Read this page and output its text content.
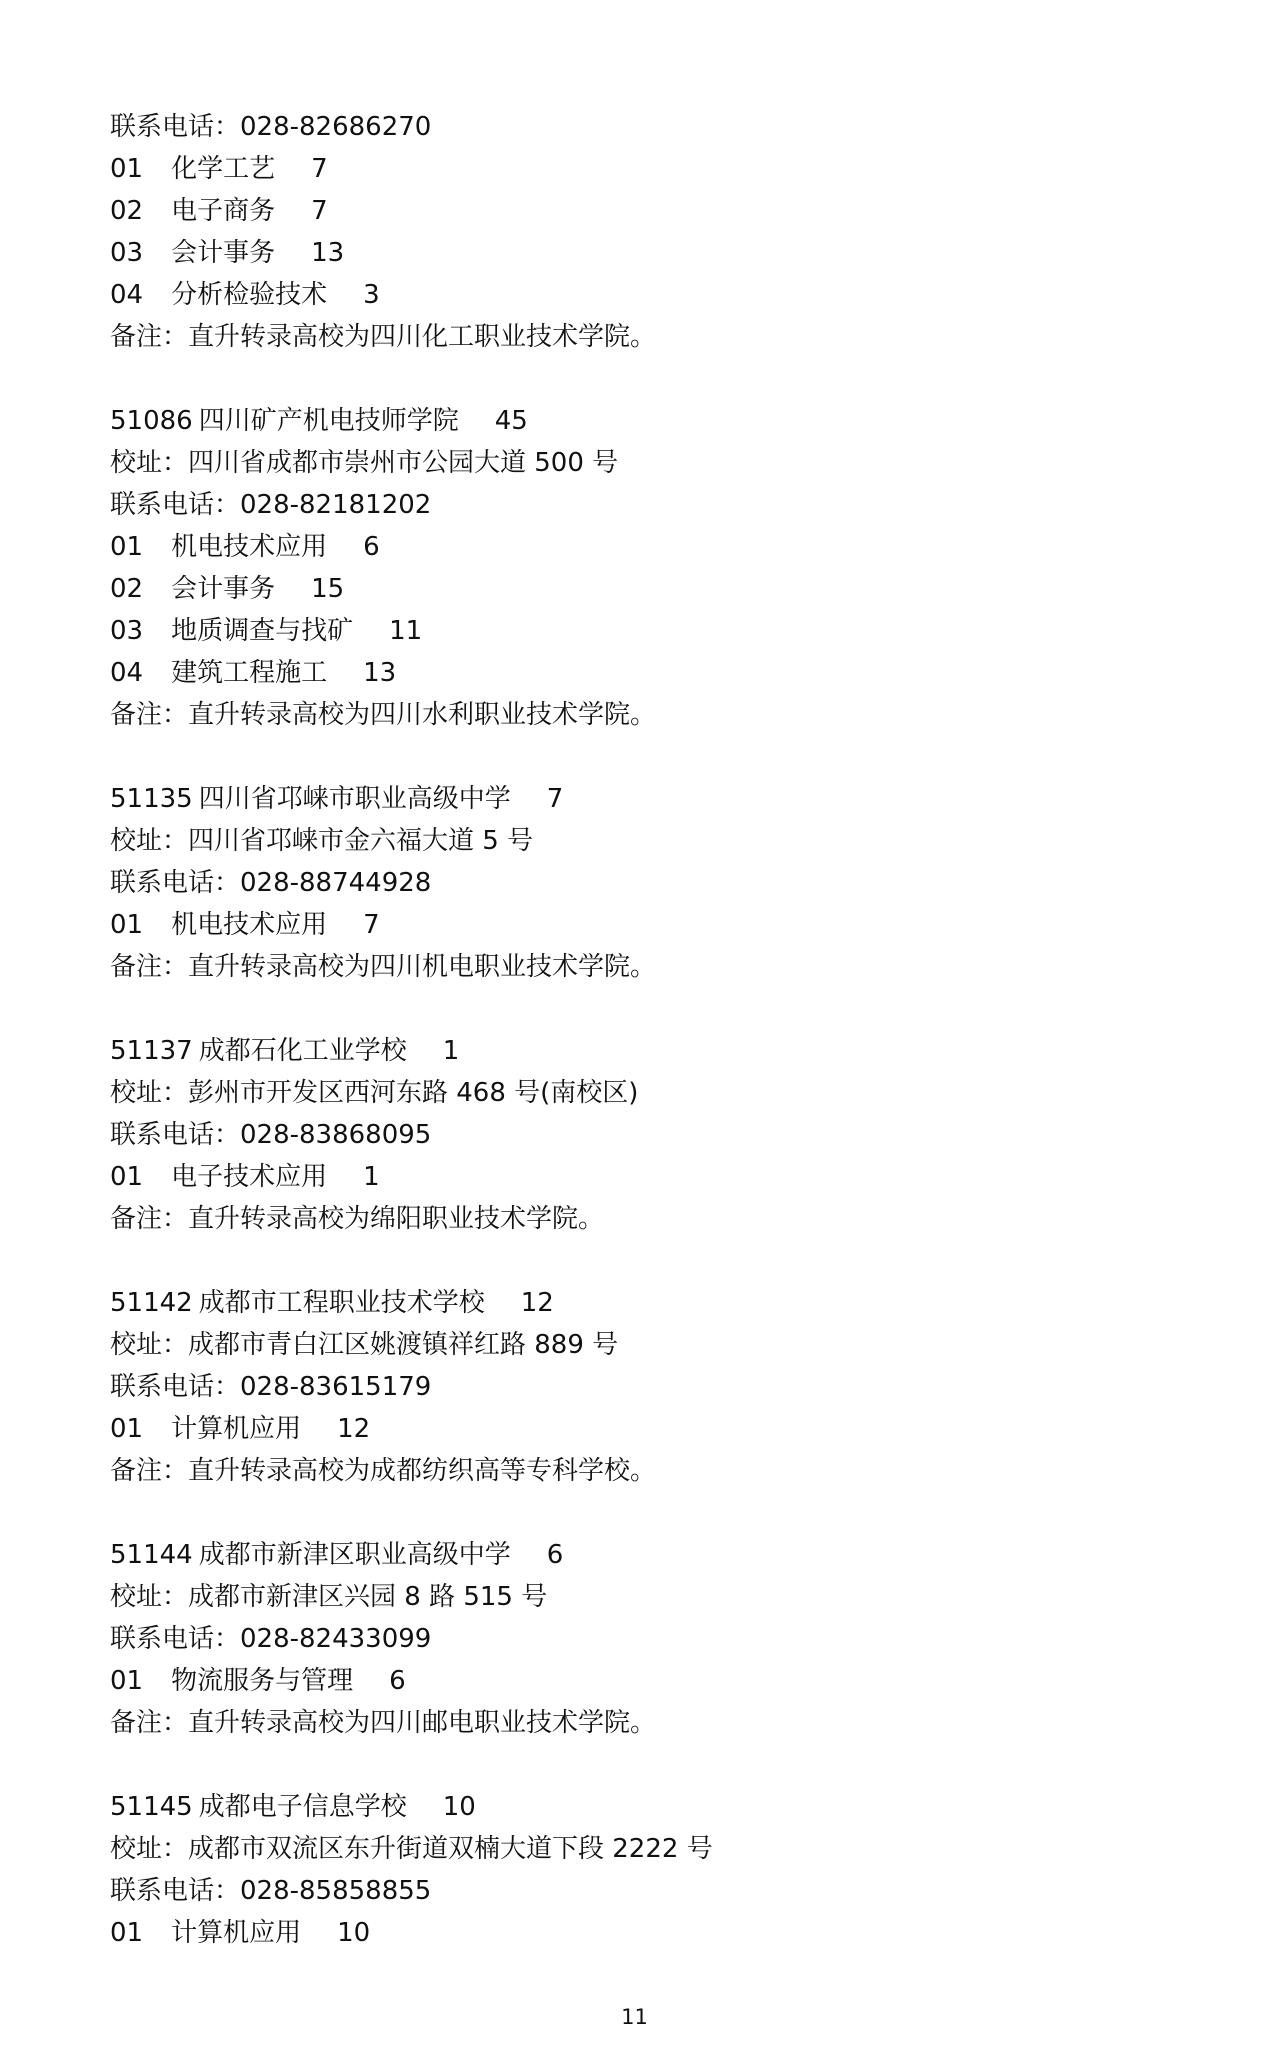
联系电话：028-82686270
01 化学工艺 7
02 电子商务 7
03 会计事务 13
04 分析检验技术 3
备注：直升转录高校为四川化工职业技术学院。
51086 四川矿产机电技师学院 45
校址：四川省成都市崇州市公园大道 500 号
联系电话：028-82181202
01 机电技术应用 6
02 会计事务 15
03 地质调查与找矿 11
04 建筑工程施工 13
备注：直升转录高校为四川水利职业技术学院。
51135 四川省邛崃市职业高级中学 7
校址：四川省邛崃市金六福大道 5 号
联系电话：028-88744928
01 机电技术应用 7
备注：直升转录高校为四川机电职业技术学院。
51137 成都石化工业学校 1
校址：彭州市开发区西河东路 468 号(南校区)
联系电话：028-83868095
01 电子技术应用 1
备注：直升转录高校为绵阳职业技术学院。
51142 成都市工程职业技术学校 12
校址：成都市青白江区姚渡镇祥红路 889 号
联系电话：028-83615179
01 计算机应用 12
备注：直升转录高校为成都纺织高等专科学校。
51144 成都市新津区职业高级中学 6
校址：成都市新津区兴园 8 路 515 号
联系电话：028-82433099
01 物流服务与管理 6
备注：直升转录高校为四川邮电职业技术学院。
51145 成都电子信息学校 10
校址：成都市双流区东升街道双楠大道下段 2222 号
联系电话：028-85858855
01 计算机应用 10
11
